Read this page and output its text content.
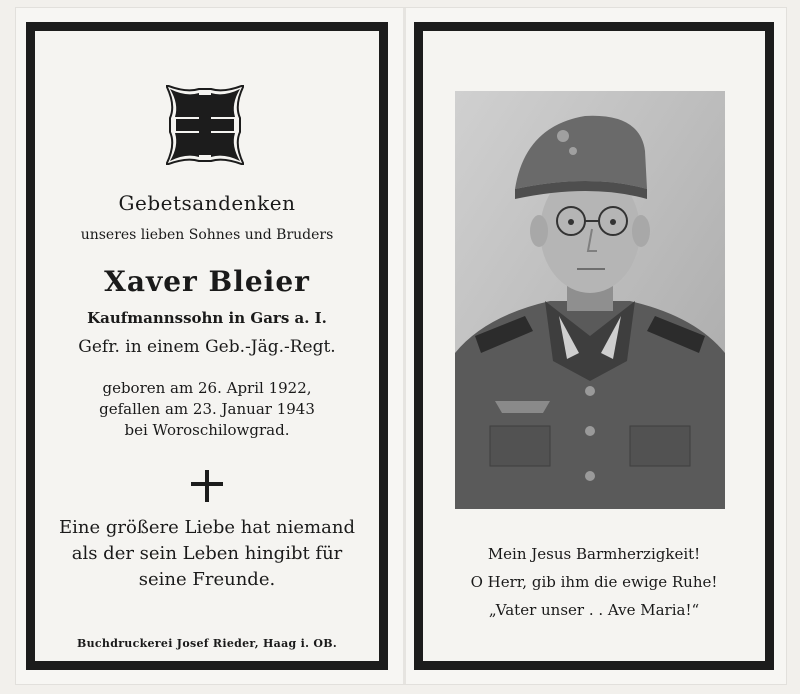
Gebetsandenken
unseres lieben Sohnes und Bruders
Xaver Bleier
Kaufmannssohn in Gars a. I.
Gefr. in einem Geb.-Jäg.-Regt.
geboren am 26. April 1922,
gefallen am 23. Januar 1943
bei Woroschilowgrad.
Eine größere Liebe hat niemand
als der sein Leben hingibt für
seine Freunde.
Buchdruckerei Josef Rieder, Haag i. OB.
Mein Jesus Barmherzigkeit!
O Herr, gib ihm die ewige Ruhe!
„Vater unser . . Ave Maria!“
